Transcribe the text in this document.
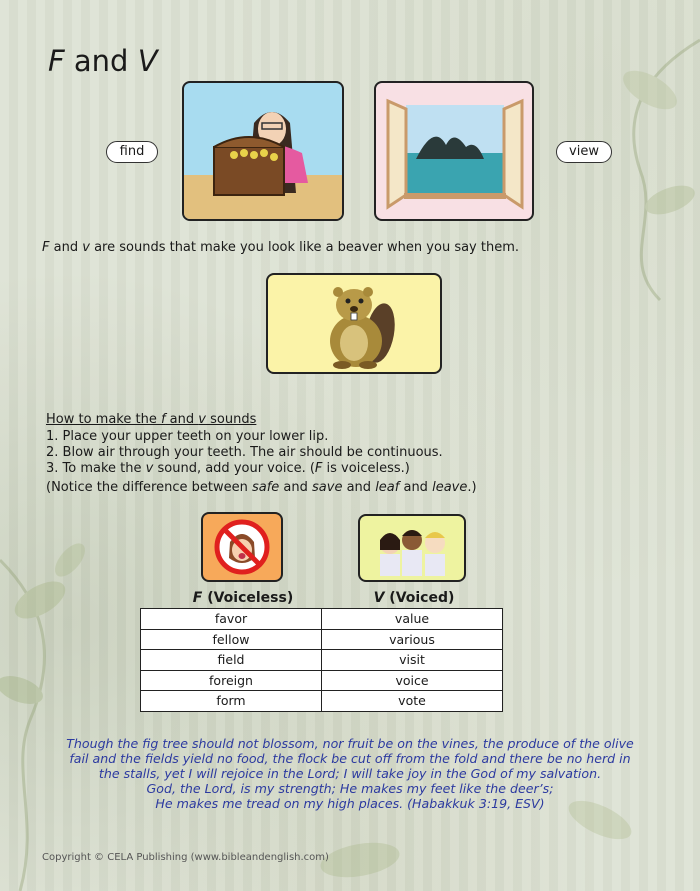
F and V
find	view
F and v are sounds that make you look like a beaver when you say them.
How to make the f and v sounds
1. Place your upper teeth on your lower lip.
2. Blow air through your teeth. The air should be continuous.
3. To make the v sound, add your voice. (F is voiceless.)
(Notice the difference between safe and save and leaf and leave.)
F (Voiceless)	V (Voiced)
favor	value
fellow	various
field	visit
foreign	voice
form	vote
Though the fig tree should not blossom, nor fruit be on the vines, the produce of the olive
fail and the fields yield no food, the flock be cut off from the fold and there be no herd in
the stalls, yet I will rejoice in the Lord; I will take joy in the God of my salvation.
God, the Lord, is my strength; He makes my feet like the deer’s;
He makes me tread on my high places. (Habakkuk 3:19, ESV)
Copyright © CELA Publishing (www.bibleandenglish.com)
